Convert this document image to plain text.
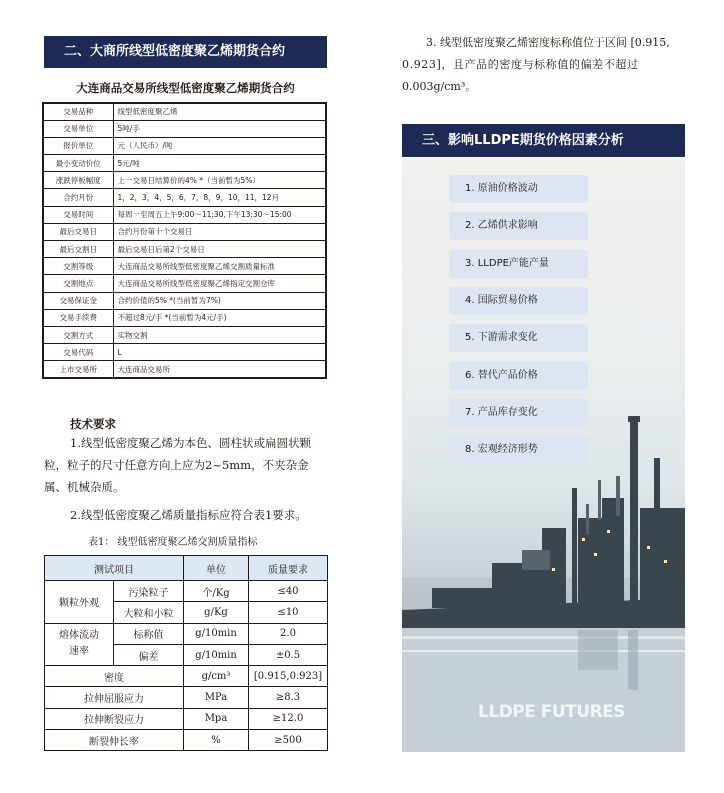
二、大商所线型低密度聚乙烯期货合约
大连商品交易所线型低密度聚乙烯期货合约
交易品种	线型低密度聚乙烯
交易单位	5吨/手
报价单位	元（人民币）/吨
最小变动价位	5元/吨
涨跌停板幅度	上一交易日结算价的4% *（当前暂为5%）
合约月份	1，2，3，4，5，6，7，8，9，10，11，12月
交易时间	每周一至周五上午9:00～11:30,下午13:30～15:00
最后交易日	合约月份第十个交易日
最后交割日	最后交易日后第2个交易日
交割等级	大连商品交易所线型低密度聚乙烯交割质量标准
交割地点	大连商品交易所线型低密度聚乙烯指定交割仓库
交易保证金	合约价值的5% *(当前暂为7%)
交易手续费	不超过8元/手 *(当前暂为4元/手)
交割方式	实物交割
交易代码	L
上市交易所	大连商品交易所
技术要求
1.线型低密度聚乙烯为本色、圆柱状或扁圆状颗
粒，粒子的尺寸任意方向上应为2~5mm，不夹杂金
属、机械杂质。
2.线型低密度聚乙烯质量指标应符合表1要求。
表1： 线型低密度聚乙烯交割质量指标
测试项目		单位	质量要求
颗粒外观	污染粒子	个/Kg	≤40
	大粒和小粒	g/Kg	≤10

熔体流动
速率	标称值	g/10min	2.0
	偏差	g/10min	±0.5
密度		g/cm³	[0.915,0.923]
拉伸屈服应力		MPa	≥8.3
拉伸断裂应力		Mpa	≥12.0
断裂伸长率		%	≥500
3. 线型低密度聚乙烯密度标称值位于区间 [0.915,
0.923]，且产品的密度与标称值的偏差不超过
0.003g/cm³。
三、影响LLDPE期货价格因素分析
LLDPE FUTURES
1. 原油价格波动
2. 乙烯供求影响
3. LLDPE产能产量
4. 国际贸易价格
5. 下游需求变化
6. 替代产品价格
7. 产品库存变化
8. 宏观经济形势
